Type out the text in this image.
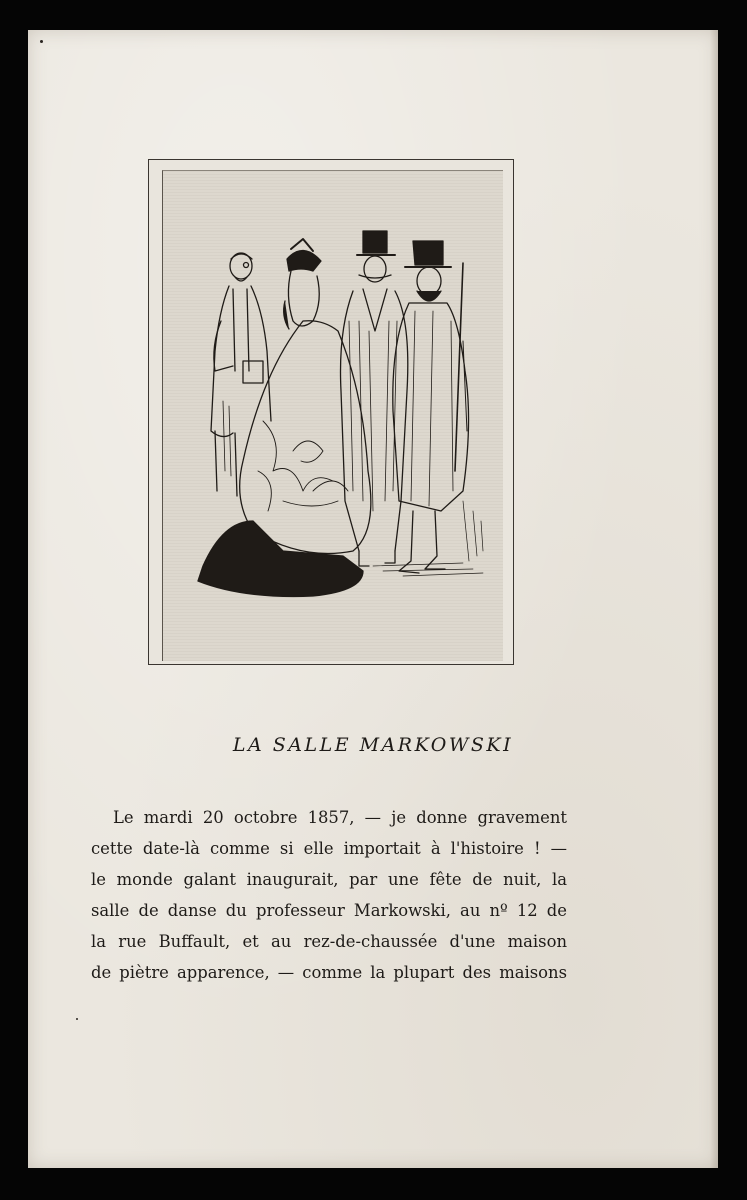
LA SALLE MARKOWSKI
Le mardi 20 octobre 1857, — je donne gravement
cette date-là comme si elle importait à l'histoire ! —
le monde galant inaugurait, par une fête de nuit, la
salle de danse du professeur Markowski, au nº 12 de
la rue Buffault, et au rez-de-chaussée d'une maison
de piètre apparence, — comme la plupart des maisons
